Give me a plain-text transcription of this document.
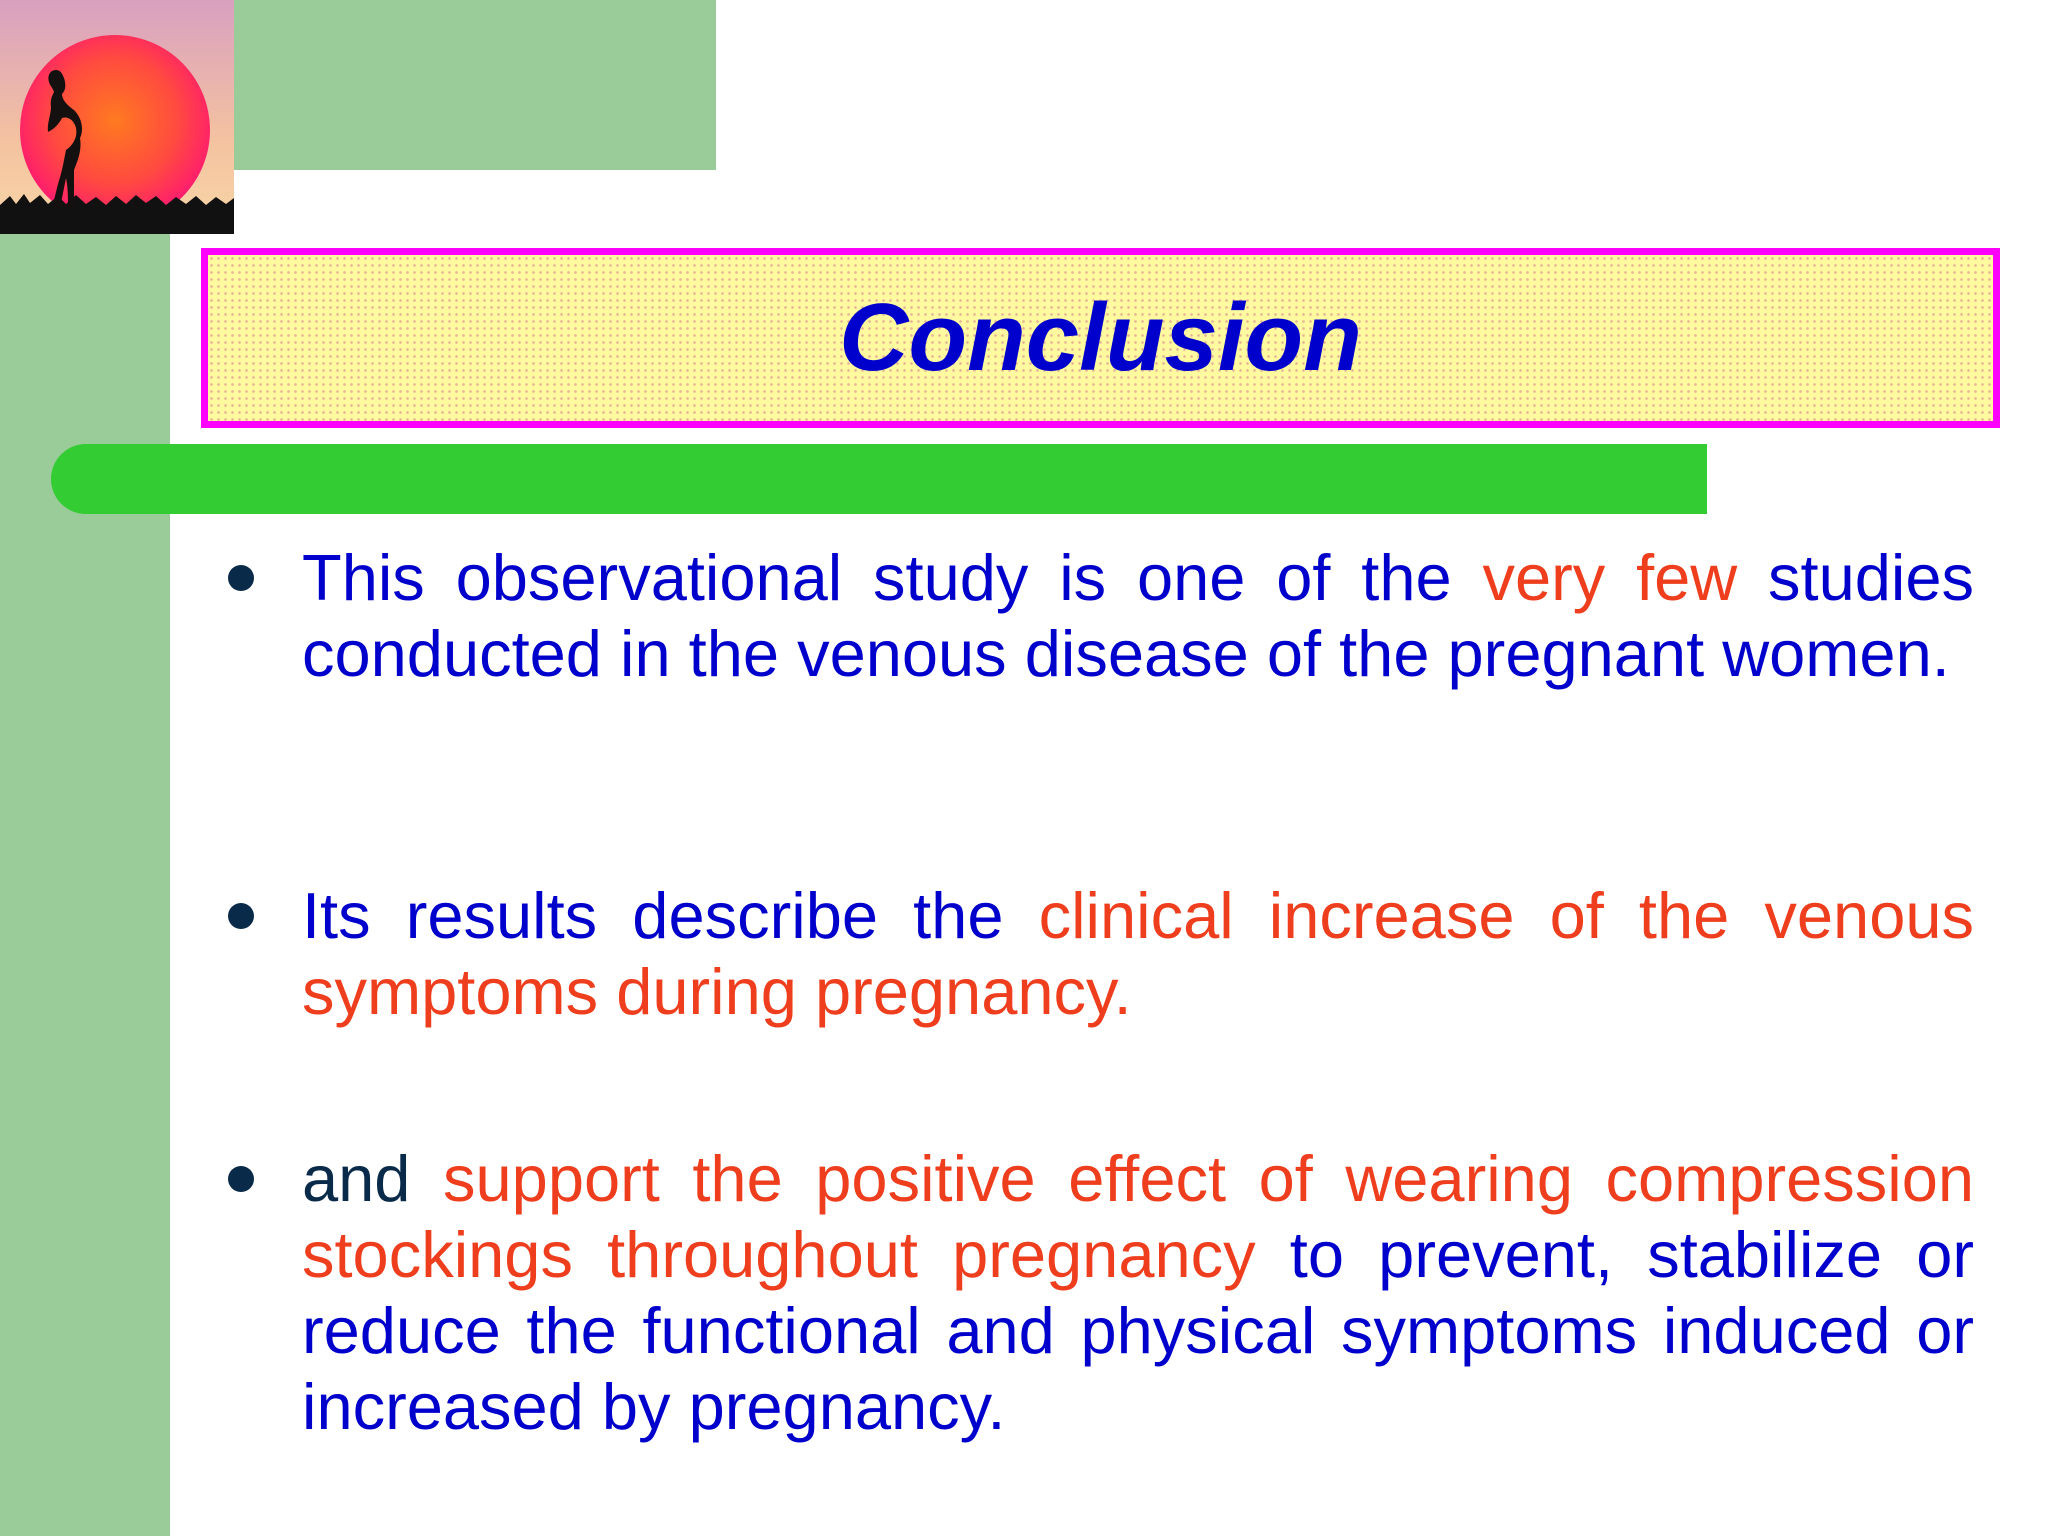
Conclusion

This observational study is one of the very few studies conducted in the venous disease of the pregnant women.

Its results describe the clinical increase of the venous symptoms during pregnancy.

and support the positive effect of wearing compression stockings throughout pregnancy to prevent, stabilize or reduce the functional and physical symptoms induced or increased by pregnancy.
